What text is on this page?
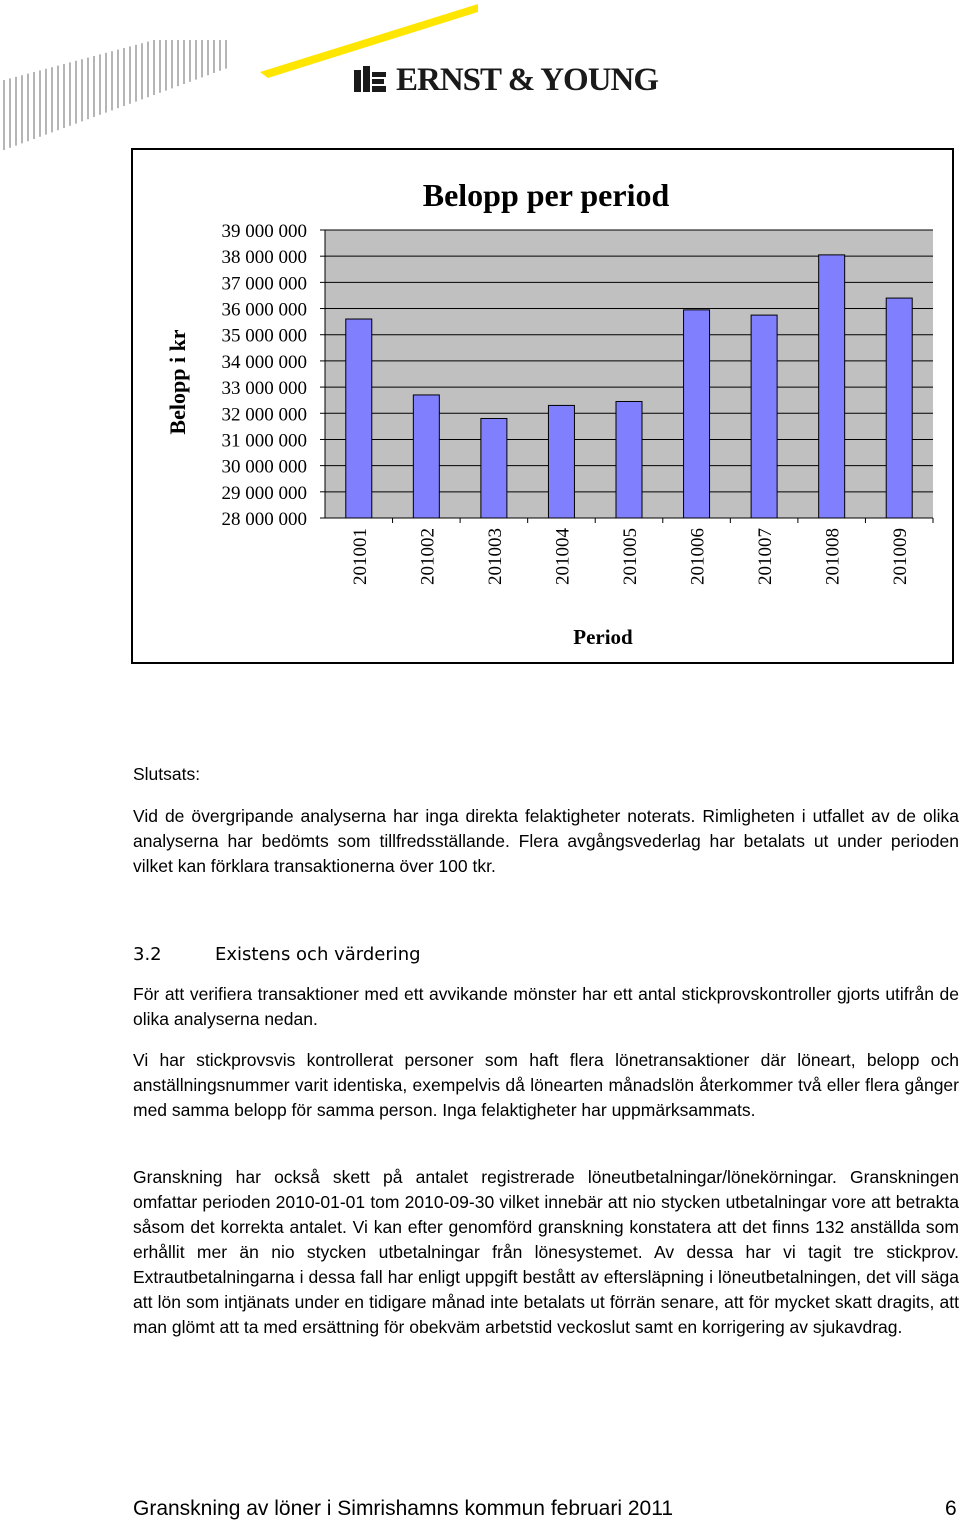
ERNST & YOUNG
Belopp per period
Belopp i kr
Period
39 000 000
38 000 000
37 000 000
36 000 000
35 000 000
34 000 000
33 000 000
32 000 000
31 000 000
30 000 000
29 000 000
28 000 000
201001 201002 201003 201004 201005 201006 201007 201008 201009
Slutsats:
Vid de övergripande analyserna har inga direkta felaktigheter noterats. Rimligheten i utfallet av de olika analyserna har bedömts som tillfredsställande. Flera avgångsvederlag har betalats ut under perioden vilket kan förklara transaktionerna över 100 tkr.
3.2	Existens och värdering
För att verifiera transaktioner med ett avvikande mönster har ett antal stickprovskontroller gjorts utifrån de olika analyserna nedan.
Vi har stickprovsvis kontrollerat personer som haft flera lönetransaktioner där löneart, belopp och anställningsnummer varit identiska, exempelvis då lönearten månadslön återkommer två eller flera gånger med samma belopp för samma person. Inga felaktigheter har uppmärksammats.
Granskning har också skett på antalet registrerade löneutbetalningar/lönekörningar. Granskningen omfattar perioden 2010-01-01 tom 2010-09-30 vilket innebär att nio stycken utbetalningar vore att betrakta såsom det korrekta antalet. Vi kan efter genomförd granskning konstatera att det finns 132 anställda som erhållit mer än nio stycken utbetalningar från lönesystemet. Av dessa har vi tagit tre stickprov. Extrautbetalningarna i dessa fall har enligt uppgift bestått av eftersläpning i löneutbetalningen, det vill säga att lön som intjänats under en tidigare månad inte betalats ut förrän senare, att för mycket skatt dragits, att man glömt att ta med ersättning för obekväm arbetstid veckoslut samt en korrigering av sjukavdrag.
Granskning av löner i Simrishamns kommun februari 2011	6
